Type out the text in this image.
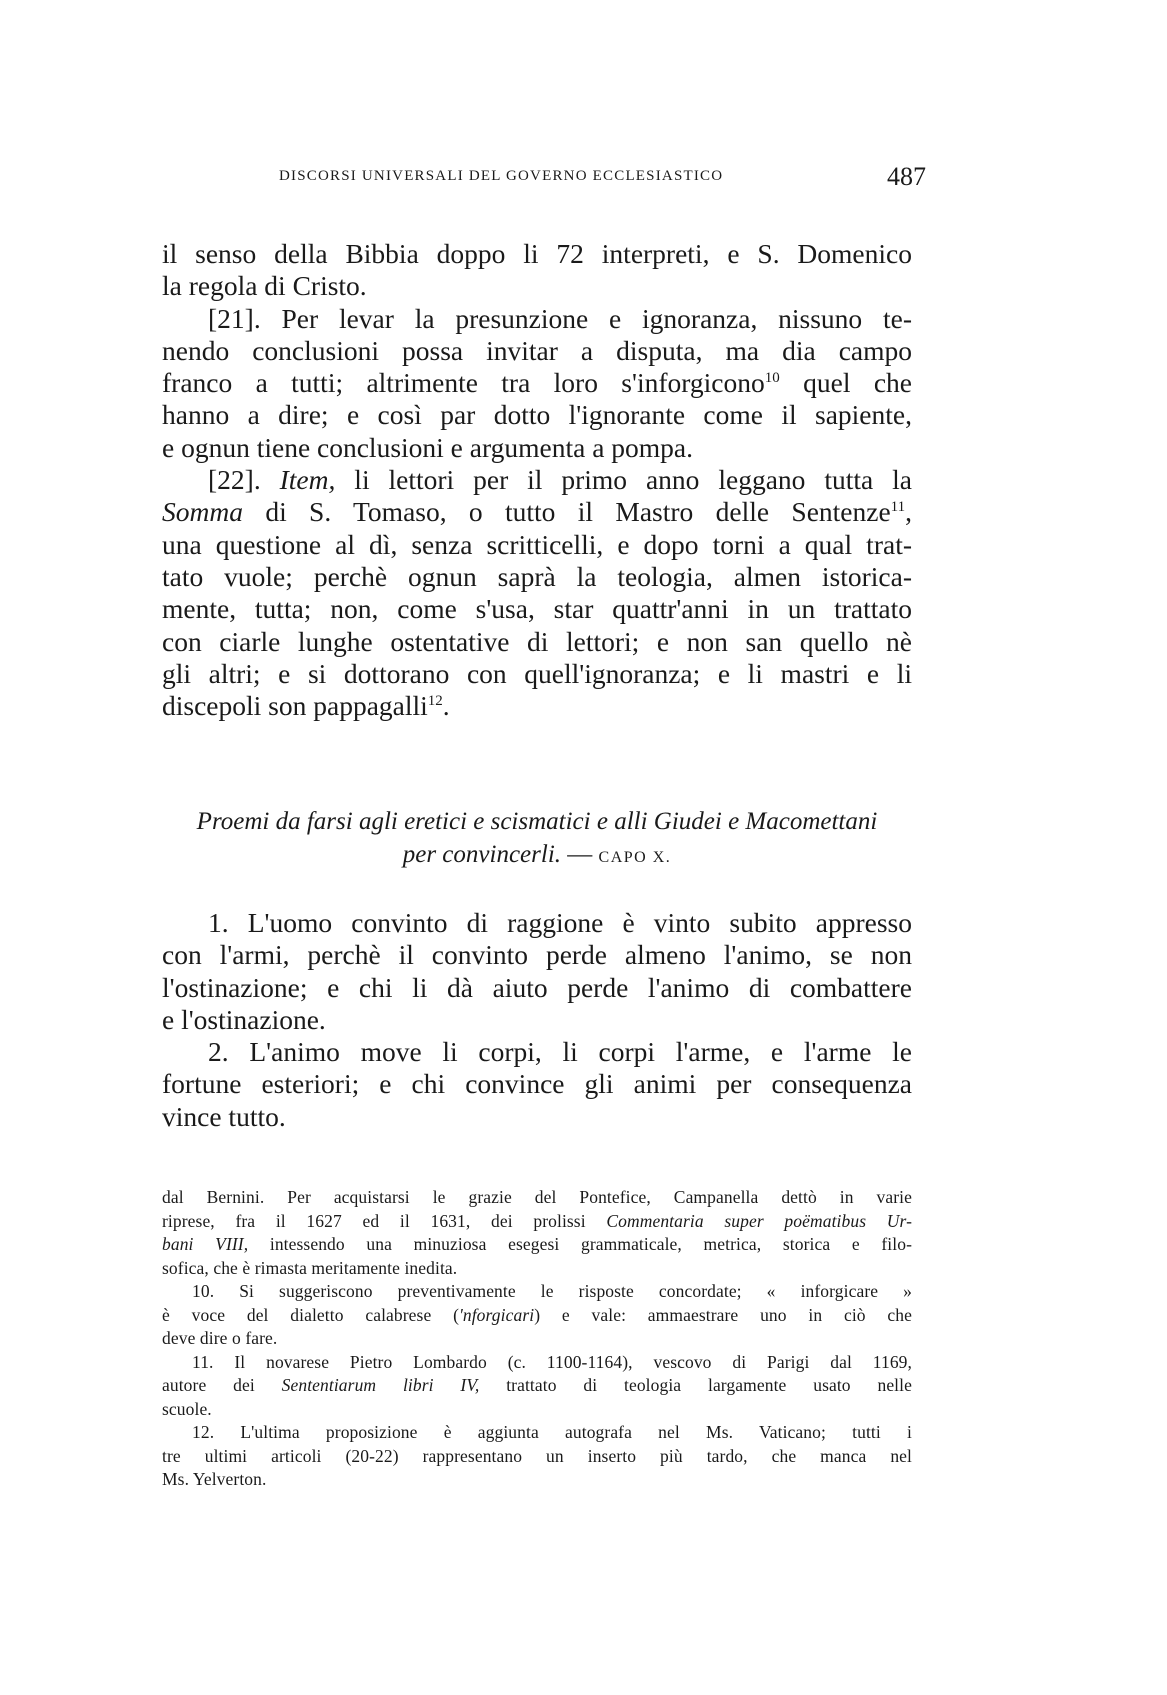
DISCORSI UNIVERSALI DEL GOVERNO ECCLESIASTICO	487
il senso della Bibbia doppo li 72 interpreti, e S. Domenico
la regola di Cristo.
[21]. Per levar la presunzione e ignoranza, nissuno te-
nendo conclusioni possa invitar a disputa, ma dia campo
franco a tutti; altrimente tra loro s'inforgicono$^{10}$ quel che
hanno a dire; e così par dotto l'ignorante come il sapiente,
e ognun tiene conclusioni e argumenta a pompa.
[22]. Item, li lettori per il primo anno leggano tutta la
Somma di S. Tomaso, o tutto il Mastro delle Sentenze$^{11}$,
una questione al dì, senza scritticelli, e dopo torni a qual trat-
tato vuole; perchè ognun saprà la teologia, almen istorica-
mente, tutta; non, come s'usa, star quattr'anni in un trattato
con ciarle lunghe ostentative di lettori; e non san quello nè
gli altri; e si dottorano con quell'ignoranza; e li mastri e li
discepoli son pappagalli$^{12}$.
Proemi da farsi agli eretici e scismatici e alli Giudei e Macomettani
per convincerli. — CAPO X.
1. L'uomo convinto di raggione è vinto subito appresso
con l'armi, perchè il convinto perde almeno l'animo, se non
l'ostinazione; e chi li dà aiuto perde l'animo di combattere
e l'ostinazione.
2. L'animo move li corpi, li corpi l'arme, e l'arme le
fortune esteriori; e chi convince gli animi per consequenza
vince tutto.
dal Bernini. Per acquistarsi le grazie del Pontefice, Campanella dettò in varie
riprese, fra il 1627 ed il 1631, dei prolissi Commentaria super poëmatibus Ur-
bani VIII, intessendo una minuziosa esegesi grammaticale, metrica, storica e filo-
sofica, che è rimasta meritamente inedita.
10. Si suggeriscono preventivamente le risposte concordate; « inforgicare »
è voce del dialetto calabrese ('nforgicari) e vale: ammaestrare uno in ciò che
deve dire o fare.
11. Il novarese Pietro Lombardo (c. 1100-1164), vescovo di Parigi dal 1169,
autore dei Sententiarum libri IV, trattato di teologia largamente usato nelle
scuole.
12. L'ultima proposizione è aggiunta autografa nel Ms. Vaticano; tutti i
tre ultimi articoli (20-22) rappresentano un inserto più tardo, che manca nel
Ms. Yelverton.
